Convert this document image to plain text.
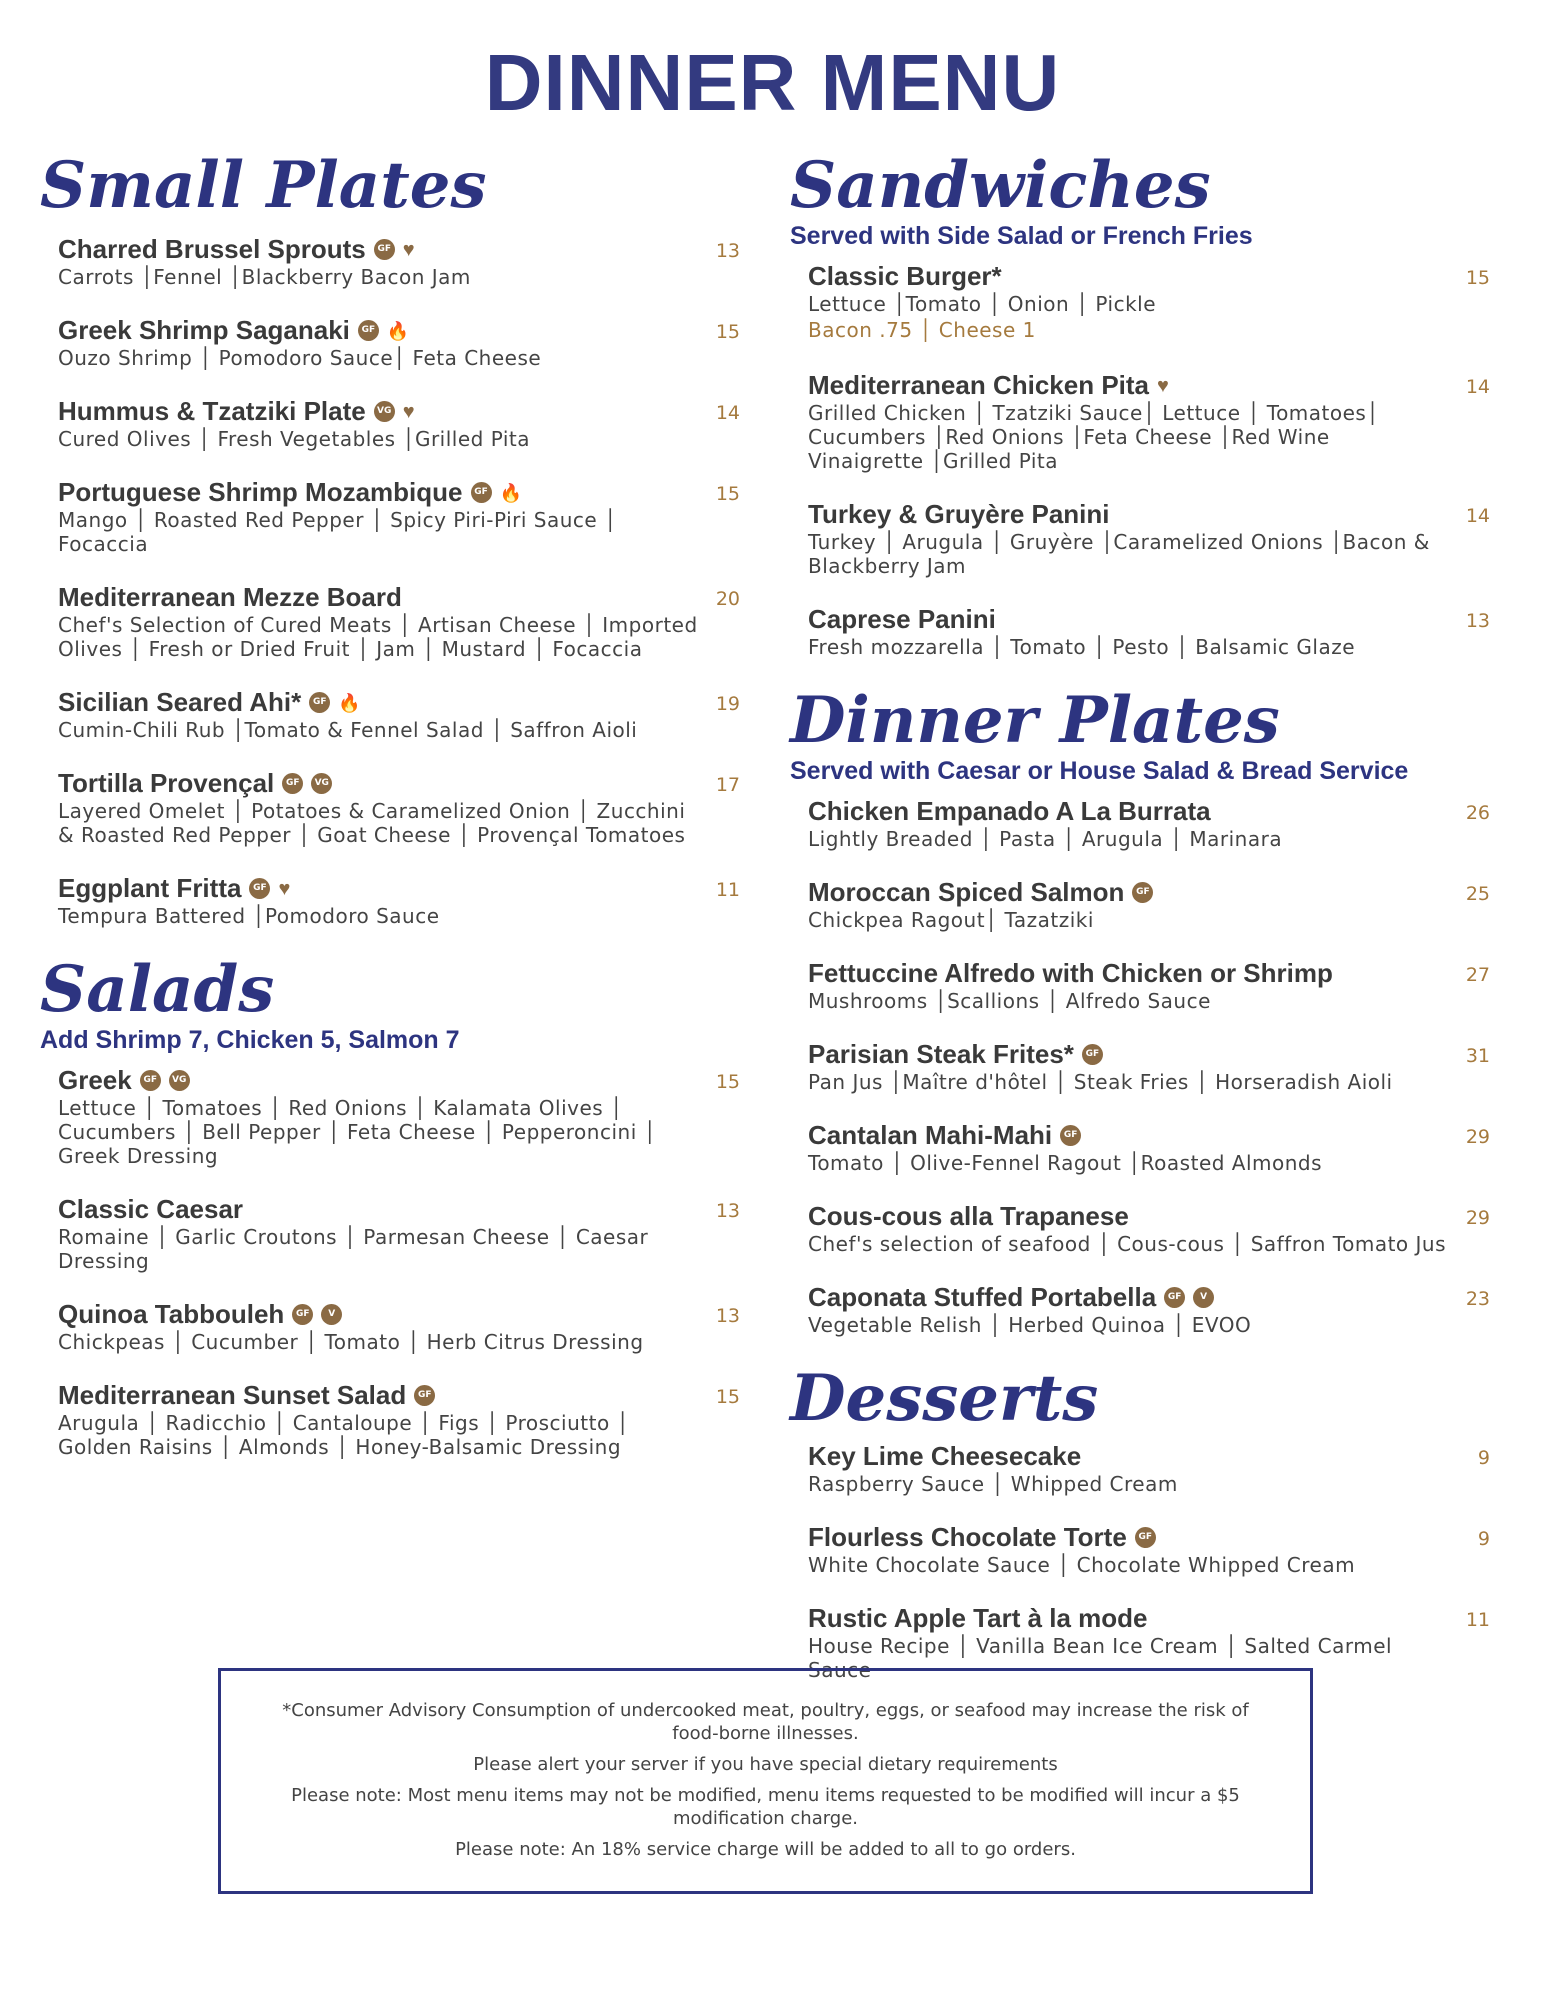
DINNER MENU
Small Plates
Charred Brussel Sprouts	GF ♥
Carrots │Fennel │Blackberry Bacon Jam
13
Greek Shrimp Saganaki	GF 🔥
Ouzo Shrimp │ Pomodoro Sauce│ Feta Cheese
15
Hummus & Tzatziki Plate	VG ♥
Cured Olives │ Fresh Vegetables │Grilled Pita
14
Portuguese Shrimp Mozambique	GF 🔥
Mango │ Roasted Red Pepper │ Spicy Piri-Piri Sauce │ Focaccia
15
Mediterranean Mezze Board
Chef's Selection of Cured Meats │ Artisan Cheese │ Imported Olives │ Fresh or Dried Fruit │ Jam │ Mustard │ Focaccia
20
Sicilian Seared Ahi*	GF 🔥
Cumin-Chili Rub │Tomato & Fennel Salad │ Saffron Aioli
19
Tortilla Provençal	GF	VG
Layered Omelet │ Potatoes & Caramelized Onion │ Zucchini & Roasted Red Pepper │ Goat Cheese │ Provençal Tomatoes
17
Eggplant Fritta	GF ♥
Tempura Battered │Pomodoro Sauce
11
Salads
Add Shrimp 7, Chicken 5, Salmon 7
Greek	GF	VG
Lettuce │ Tomatoes │ Red Onions │ Kalamata Olives │ Cucumbers │ Bell Pepper │ Feta Cheese │ Pepperoncini │ Greek Dressing
15
Classic Caesar
Romaine │ Garlic Croutons │ Parmesan Cheese │ Caesar Dressing
13
Quinoa Tabbouleh	GF	V
Chickpeas │ Cucumber │ Tomato │ Herb Citrus Dressing
13
Mediterranean Sunset Salad	GF
Arugula │ Radicchio │ Cantaloupe │ Figs │ Prosciutto │ Golden Raisins │ Almonds │ Honey-Balsamic Dressing
15
Sandwiches
Served with Side Salad or French Fries
Classic Burger*
Lettuce │Tomato │ Onion │ Pickle
Bacon .75 │ Cheese 1
15
Mediterranean Chicken Pita ♥
Grilled Chicken │ Tzatziki Sauce│ Lettuce │ Tomatoes│ Cucumbers │Red Onions │Feta Cheese │Red Wine Vinaigrette │Grilled Pita
14
Turkey & Gruyère Panini
Turkey │ Arugula │ Gruyère │Caramelized Onions │Bacon & Blackberry Jam
14
Caprese Panini
Fresh mozzarella │ Tomato │ Pesto │ Balsamic Glaze
13
Dinner Plates
Served with Caesar or House Salad & Bread Service
Chicken Empanado A La Burrata
Lightly Breaded │ Pasta │ Arugula │ Marinara
26
Moroccan Spiced Salmon	GF
Chickpea Ragout│ Tazatziki
25
Fettuccine Alfredo with Chicken or Shrimp
Mushrooms │Scallions │ Alfredo Sauce
27
Parisian Steak Frites*	GF
Pan Jus │Maître d'hôtel │ Steak Fries │ Horseradish Aioli
31
Cantalan Mahi-Mahi	GF
Tomato │ Olive-Fennel Ragout │Roasted Almonds
29
Cous-cous alla Trapanese
Chef's selection of seafood │ Cous-cous │ Saffron Tomato Jus
29
Caponata Stuffed Portabella	GF	V
Vegetable Relish │ Herbed Quinoa │ EVOO
23
Desserts
Key Lime Cheesecake
Raspberry Sauce │ Whipped Cream
9
Flourless Chocolate Torte	GF
White Chocolate Sauce │ Chocolate Whipped Cream
9
Rustic Apple Tart à la mode
House Recipe │ Vanilla Bean Ice Cream │ Salted Carmel Sauce
11

*Consumer Advisory Consumption of undercooked meat, poultry, eggs, or seafood may increase the risk of food-borne illnesses.

Please alert your server if you have special dietary requirements

Please note: Most menu items may not be modified, menu items requested to be modified will incur a $5 modification charge.

Please note: An 18% service charge will be added to all to go orders.
